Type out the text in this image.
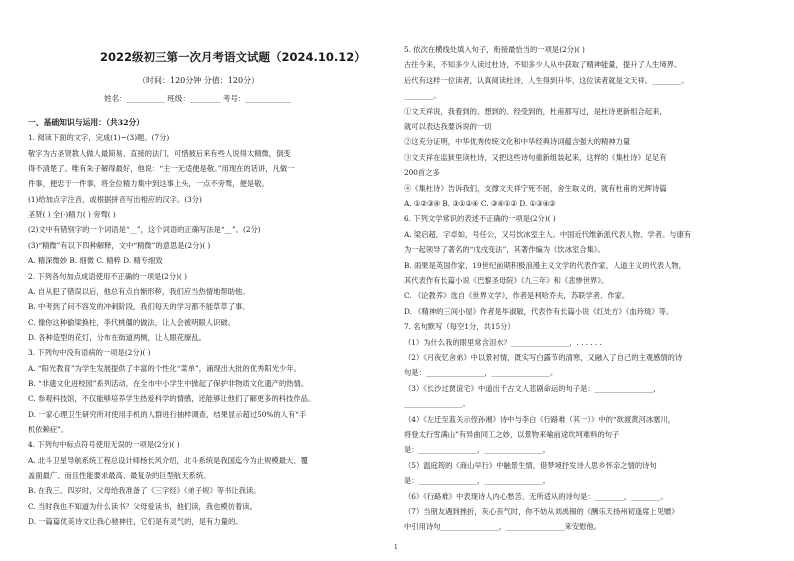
2022级初三第一次月考语文试题（2024.10.12）
（时间：120分钟 分值：120分）
姓名：__________ 班级：________ 考号：____________
一、基础知识与运用：（共32分）
1. 阅读下面的文字，完成(1)~(3)题。(7分)
敬字为古圣贤教人做人最简易、直接的法门，可惜被后来有些人说得太精微，倒变
得不清楚了。唯有朱子解得最好，他说：“主一无适便是敬。”用现在的话讲，凡做一
件事，便忠于一件事，将全位精力集中到这事上头，一点不旁骛，便是敬。
(1)给加点字注音，或根据拼音写出相应的汉字。(3分)
圣贤( ) 全(·)精力( ) 旁骛( )
(2)文中有错别字的一个词语是“__”，这个词语的正确写法是“__”。(2分)
(3)“精微”有以下四种解释，文中“精微”的意思是(2分)( )
A. 精深微妙 B. 细微 C. 精粹 D. 精专细致
2. 下列各句加点成语使用不正确的一项是(2分)( )
A. 自从犯了错误以后，他总有点自惭形秽，我们应当热情地帮助他。
B. 中考到了问不容发的冲刺阶段，我们每天的学习都不能草草了事。
C. 像你这种偷梁换柱，李代桃僵的做法，让人会被明眼人识破。
D. 各种造型的花灯，分布在街道两侧，让人眼花缭乱。
3. 下列句中没有语病的一项是(2分)( )
A. “阳光教育”为学生发展提供了丰富的个性化“菜单”，涌现出大批的优秀阳光少年。
B. “非遗文化进校园”系列活动，在全市中小学生中掀起了保护非物质文化遗产的热情。
C. 参观科技馆，不仅能够培养学生热爱科学的情感，还能够让他们了解更多的科技作品。
D. 一家心理卫生研究所对使用手机的人群进行抽样调查，结果显示超过50%的人有“手
机依赖症”。
4. 下列句中标点符号使用无误的一项是(2分)( )
A. 北斗卫星导航系统工程总设计师杨长风介绍，北斗系统是我国迄今为止规模最大、覆
盖面最广、而且性能要求最高、最复杂的巨型航天系统。
B. 在我三、四岁时，父母给我准备了《三字经》《弟子规》等书让我读。
C. 当时我也不知道为什么读书？父母爱读书，他们读，我也模仿着读。
D. 一篇篇优美诗文让我心驰神往，它们是有灵气的，是有力量的。
5. 依次在横线处填入句子，衔接最恰当的一项是(2分)( )
古往今来，不知多少人读过杜诗，不知多少人从中获取了精神能量，提升了人生境界。
后代有这样一位读者，认真阅读杜诗，人生得到升华，这位读者就是文天祥。________。
________。
①文天祥说，我看到的、想到的、经受到的，杜甫都写过，是杜诗更新组合起来，
就可以表达我要诉说的一切
②这充分证明，中华优秀传统文化和中华经典诗词蕴含强大的精神力量
③文天祥在监狱里读杜诗，又把这些诗句重新组装起来，这样的《集杜诗》足足有
200首之多
④《集杜诗》告诉我们，支撑文天祥宁死不屈，舍生取义的，就有杜甫的光辉诗篇
A. ①②③④ B. ③①②④ C. ③④①② D. ①③④②
6. 下列文学常识的表述不正确的一项是(2分)( )
A. 梁启超，字卓如，号任公，又号饮冰室主人。中国近代维新派代表人物、学者。与康有
为一起领导了著名的“戊戌变法”，其著作编为《饮冰室合集》。
B. 雨果是英国作家，19世纪前期积极浪漫主义文学的代表作家，人道主义的代表人物，
其代表作有长篇小说《巴黎圣母院》《九三年》和《悲惨世界》。
C. 《论教养》选自《世界文学》，作者是利哈乔夫，苏联学者、作家。
D. 《精神的三间小屋》作者是毕淑敏，代表作有长篇小说《红处方》《血玲珑》等。
7. 名句默写（每空1分，共15分）
（1）为什么我的眼里常含泪水？________________，. . . . . .
（2）《月夜忆舍弟》中以景衬情，既实写白露节的清寒，又融入了自己的主观感情的诗
句是：________________，________________。
（3）《长沙过贾谊宅》中道出千古文人悲剧命运的句子是：________________，
________________。
（4）《左迁至蓝关示侄孙湘》诗中与李白《行路难（其一）》中的“欲渡黄河冰塞川，
将登太行雪满山”有异曲同工之妙，以景物来喻前途坎坷难料的句子
是：________________，________________。
（5）温庭筠的《商山早行》中触景生情，借梦境抒发诗人思乡怀亲之情的诗句
是：________________，________________。
（6）《行路难》中表现诗人内心愁苦、无所适从的诗句是：________，________。
（7）当朋友遇到挫折，灰心丧气时，你不妨从刘禹锡的《酬乐天扬州初逢席上见赠》
中引用诗句________________，________________来安慰他。
1
